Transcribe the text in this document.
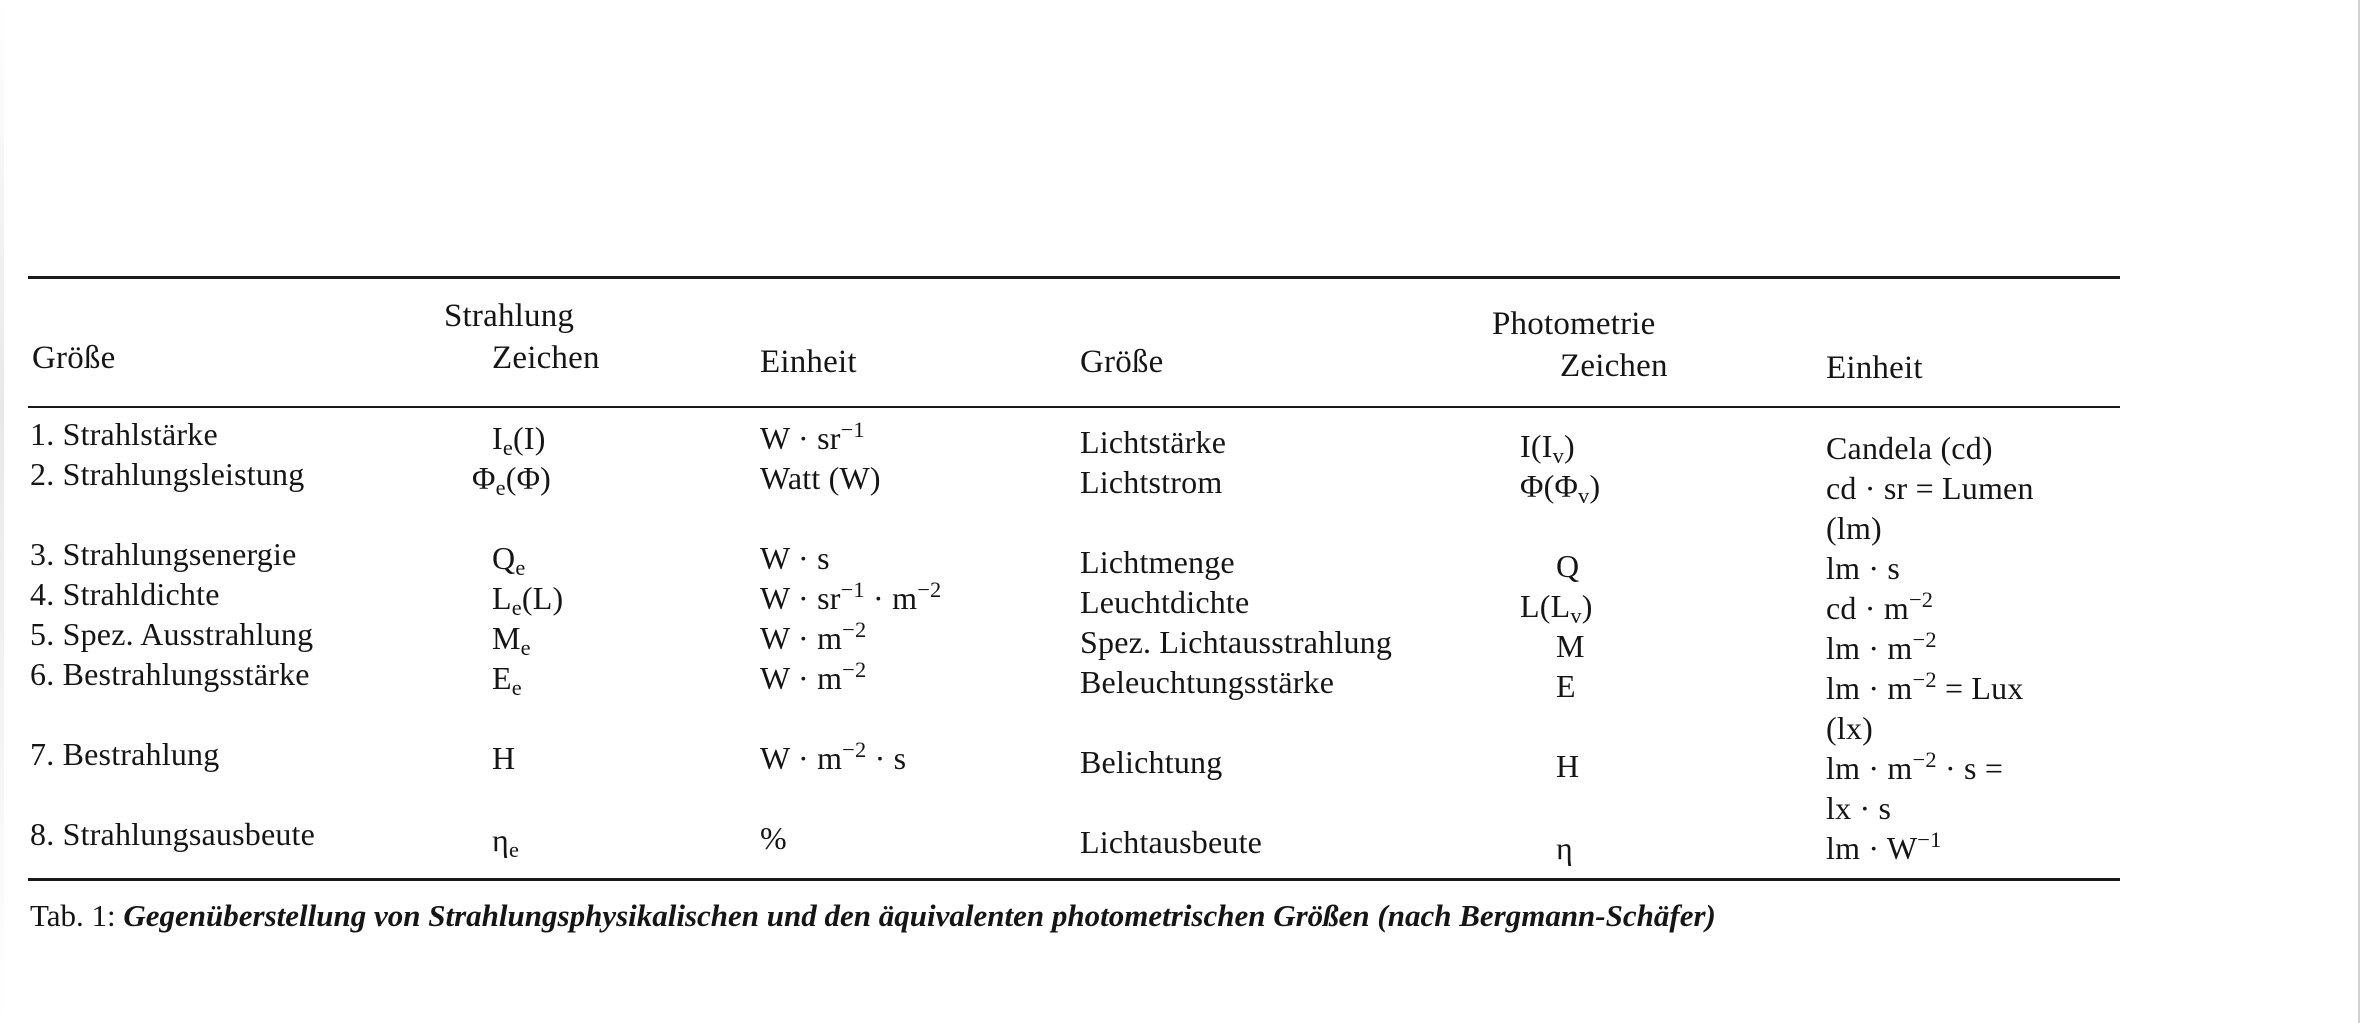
Strahlung	Photometrie
Größe	Zeichen	Einheit	Größe	Zeichen	Einheit
1. Strahlstärke	$I_e(I)$	$W \cdot sr^{-1}$	Lichtstärke	$I(I_v)$	Candela (cd)
2. Strahlungsleistung	$\Phi_e(\Phi)$	Watt (W)	Lichtstrom	$\Phi(\Phi_v)$	cd · sr = Lumen
(lm)
3. Strahlungsenergie	$Q_e$	W · s	Lichtmenge	Q	lm · s
4. Strahldichte	$L_e(L)$	$W \cdot sr^{-1} \cdot m^{-2}$	Leuchtdichte	$L(L_v)$	cd · $m^{-2}$
5. Spez. Ausstrahlung	$M_e$	$W \cdot m^{-2}$	Spez. Lichtausstrahlung	M	lm · $m^{-2}$
6. Bestrahlungsstärke	$E_e$	$W \cdot m^{-2}$	Beleuchtungsstärke	E	lm · $m^{-2}$ = Lux
(lx)
7. Bestrahlung	H	$W \cdot m^{-2} \cdot s$	Belichtung	H	lm · $m^{-2} \cdot s$ =
lx · s
8. Strahlungsausbeute	$\eta_e$	%	Lichtausbeute	η	lm · $W^{-1}$
Tab. 1: Gegenüberstellung von Strahlungsphysikalischen und den äquivalenten photometrischen Größen (nach Bergmann-Schäfer)
